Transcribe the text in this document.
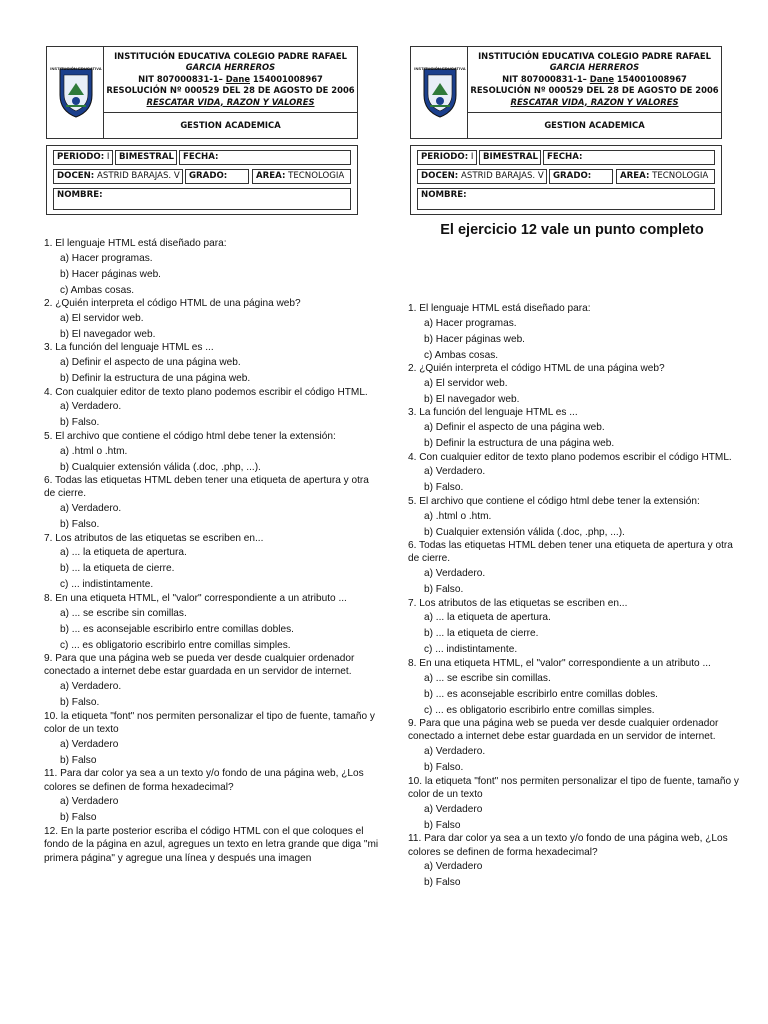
INSTITUCIÓN EDUCATIVA
INSTITUCIÓN EDUCATIVA COLEGIO PADRE RAFAEL
GARCIA HERREROS
NIT 807000831-1– Dane 154001008967
RESOLUCIÓN Nº 000529 DEL 28 DE AGOSTO DE 2006
RESCATAR VIDA, RAZON Y VALORES
GESTION ACADEMICA
PERIODO: I	BIMESTRAL	FECHA:
DOCEN: ASTRID BARAJAS. V	GRADO:	AREA: TECNOLOGIA
NOMBRE:
1. El lenguaje HTML está diseñado para:
a) Hacer programas.
b) Hacer páginas web.
c) Ambas cosas.
2. ¿Quién interpreta el código HTML de una página web?
a) El servidor web.
b) El navegador web.
3. La función del lenguaje HTML es ...
a) Definir el aspecto de una página web.
b) Definir la estructura de una página web.
4. Con cualquier editor de texto plano podemos escribir el código HTML.
a) Verdadero.
b) Falso.
5. El archivo que contiene el código html debe tener la extensión:
a) .html o .htm.
b) Cualquier extensión válida (.doc, .php, ...).
6. Todas las etiquetas HTML deben tener una etiqueta de apertura y otra de cierre.
a) Verdadero.
b) Falso.
7. Los atributos de las etiquetas se escriben en...
a) ... la etiqueta de apertura.
b) ... la etiqueta de cierre.
c) ... indistintamente.
8. En una etiqueta HTML, el "valor" correspondiente a un atributo ...
a) ... se escribe sin comillas.
b) ... es aconsejable escribirlo entre comillas dobles.
c) ... es obligatorio escribirlo entre comillas simples.
9. Para que una página web se pueda ver desde cualquier ordenador conectado a internet debe estar guardada en un servidor de internet.
a) Verdadero.
b) Falso.
10. la etiqueta "font" nos permiten personalizar el tipo de fuente, tamaño y color de un texto
a) Verdadero
b) Falso
11. Para dar color ya sea a un texto y/o fondo de una página web, ¿Los colores se definen de forma hexadecimal?
a) Verdadero
b) Falso
12. En la parte posterior escriba el código HTML con el que coloques el fondo de la página en azul, agregues un texto en letra grande que diga "mi primera página" y agregue una línea y después una imagen
INSTITUCIÓN EDUCATIVA
INSTITUCIÓN EDUCATIVA COLEGIO PADRE RAFAEL
GARCIA HERREROS
NIT 807000831-1– Dane 154001008967
RESOLUCIÓN Nº 000529 DEL 28 DE AGOSTO DE 2006
RESCATAR VIDA, RAZON Y VALORES
GESTION ACADEMICA
PERIODO: I	BIMESTRAL	FECHA:
DOCEN: ASTRID BARAJAS. V	GRADO:	AREA: TECNOLOGIA
NOMBRE:
El ejercicio 12 vale un punto completo
1. El lenguaje HTML está diseñado para:
a) Hacer programas.
b) Hacer páginas web.
c) Ambas cosas.
2. ¿Quién interpreta el código HTML de una página web?
a) El servidor web.
b) El navegador web.
3. La función del lenguaje HTML es ...
a) Definir el aspecto de una página web.
b) Definir la estructura de una página web.
4. Con cualquier editor de texto plano podemos escribir el código HTML.
a) Verdadero.
b) Falso.
5. El archivo que contiene el código html debe tener la extensión:
a) .html o .htm.
b) Cualquier extensión válida (.doc, .php, ...).
6. Todas las etiquetas HTML deben tener una etiqueta de apertura y otra de cierre.
a) Verdadero.
b) Falso.
7. Los atributos de las etiquetas se escriben en...
a) ... la etiqueta de apertura.
b) ... la etiqueta de cierre.
c) ... indistintamente.
8. En una etiqueta HTML, el "valor" correspondiente a un atributo ...
a) ... se escribe sin comillas.
b) ... es aconsejable escribirlo entre comillas dobles.
c) ... es obligatorio escribirlo entre comillas simples.
9. Para que una página web se pueda ver desde cualquier ordenador conectado a internet debe estar guardada en un servidor de internet.
a) Verdadero.
b) Falso.
10. la etiqueta "font" nos permiten personalizar el tipo de fuente, tamaño y color de un texto
a) Verdadero
b) Falso
11. Para dar color ya sea a un texto y/o fondo de una página web, ¿Los colores se definen de forma hexadecimal?
a) Verdadero
b) Falso
